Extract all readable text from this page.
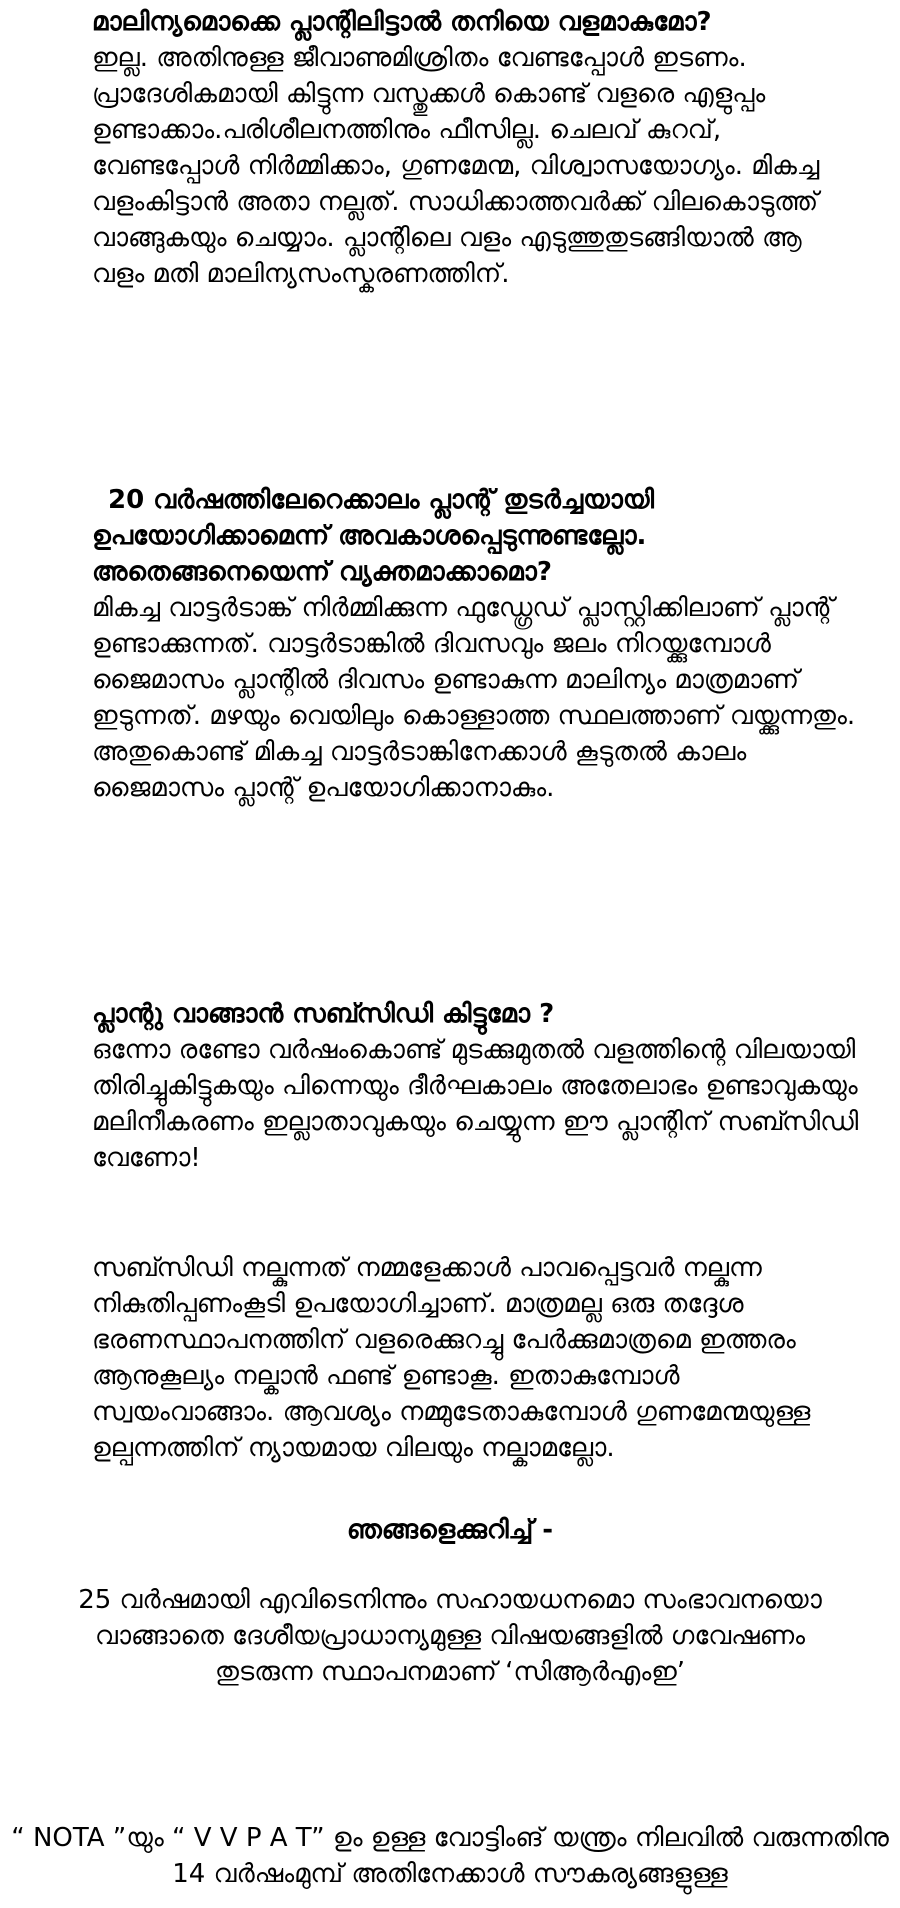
മാലിന്യമൊക്കെ പ്ലാന്റിലിട്ടാൽ തനിയെ വളമാകുമോ?

ഇല്ല. അതിനുള്ള ജീവാണുമിശ്രിതം വേണ്ടപ്പോൾ ഇടണം. പ്രാദേശികമായി കിട്ടുന്ന വസ്തുക്കൾ കൊണ്ട് വളരെ എളുപ്പം ഉണ്ടാക്കാം.പരിശീലനത്തിനും ഫീസില്ല. ചെലവ് കുറവ്, വേണ്ടപ്പോൾ നിർമ്മിക്കാം, ഗുണമേന്മ, വിശ്വാസയോഗ്യം. മികച്ച വളംകിട്ടാൻ അതാ നല്ലത്. സാധിക്കാത്തവർക്ക് വിലകൊടുത്ത് വാങ്ങുകയും ചെയ്യാം. പ്ലാന്റിലെ വളം എടുത്തുതുടങ്ങിയാൽ ആ വളം മതി മാലിന്യസംസ്കരണത്തിന്.

20 വർഷത്തിലേറെക്കാലം പ്ലാന്റ് തുടർച്ചയായി ഉപയോഗിക്കാമെന്ന് അവകാശപ്പെടുന്നുണ്ടല്ലോ. അതെങ്ങനെയെന്ന് വ്യക്തമാക്കാമൊ?

മികച്ച വാട്ടർടാങ്ക് നിർമ്മിക്കുന്ന ഫുഡ്ഗ്രേഡ് പ്ലാസ്റ്റിക്കിലാണ് പ്ലാന്റ് ഉണ്ടാക്കുന്നത്. വാട്ടർടാങ്കിൽ ദിവസവും ജലം നിറയ്ക്കുമ്പോൾ ജൈമാസം പ്ലാന്റിൽ ദിവസം ഉണ്ടാകുന്ന മാലിന്യം മാത്രമാണ് ഇടുന്നത്. മഴയും വെയിലും കൊള്ളാത്ത സ്ഥലത്താണ് വയ്ക്കുന്നതും. അതുകൊണ്ട് മികച്ച വാട്ടർടാങ്കിനേക്കാൾ കൂടുതൽ കാലം ജൈമാസം പ്ലാന്റ് ഉപയോഗിക്കാനാകും.

പ്ലാന്റു വാങ്ങാൻ സബ്സിഡി കിട്ടുമോ ?

ഒന്നോ രണ്ടോ വർഷംകൊണ്ട് മുടക്കുമുതൽ വളത്തിന്റെ വിലയായി തിരിച്ചുകിട്ടുകയും പിന്നെയും ദീർഘകാലം അതേലാഭം ഉണ്ടാവുകയും മലിനീകരണം ഇല്ലാതാവുകയും ചെയ്യുന്ന ഈ പ്ലാന്റിന് സബ്സിഡി വേണോ!

സബ്സിഡി നല്കുന്നത് നമ്മളേക്കാൾ പാവപ്പെട്ടവർ നല്കുന്ന നികുതിപ്പണംകൂടി ഉപയോഗിച്ചാണ്. മാത്രമല്ല ഒരു തദ്ദേശ ഭരണസ്ഥാപനത്തിന് വളരെക്കുറച്ചു പേർക്കുമാത്രമെ ഇത്തരം ആനുകൂല്യം നല്കാൻ ഫണ്ട് ഉണ്ടാകൂ. ഇതാകുമ്പോൾ സ്വയംവാങ്ങാം. ആവശ്യം നമ്മുടേതാകുമ്പോൾ ഗുണമേന്മയുള്ള ഉല്പന്നത്തിന് ന്യായമായ വിലയും നല്കാമല്ലോ.

ഞങ്ങളെക്കുറിച്ച് -

25 വർഷമായി എവിടെനിന്നും സഹായധനമൊ സംഭാവനയൊ വാങ്ങാതെ ദേശീയപ്രാധാന്യമുള്ള വിഷയങ്ങളിൽ ഗവേഷണം തുടരുന്ന സ്ഥാപനമാണ് ‘സിആർഎംഇ’

“ NOTA ”യും “ V V P A T” ഉം ഉള്ള വോട്ടിംങ് യന്ത്രം നിലവിൽ വരുന്നതിനു 14 വർഷംമുമ്പ് അതിനേക്കാൾ സൗകര്യങ്ങളുള്ള
